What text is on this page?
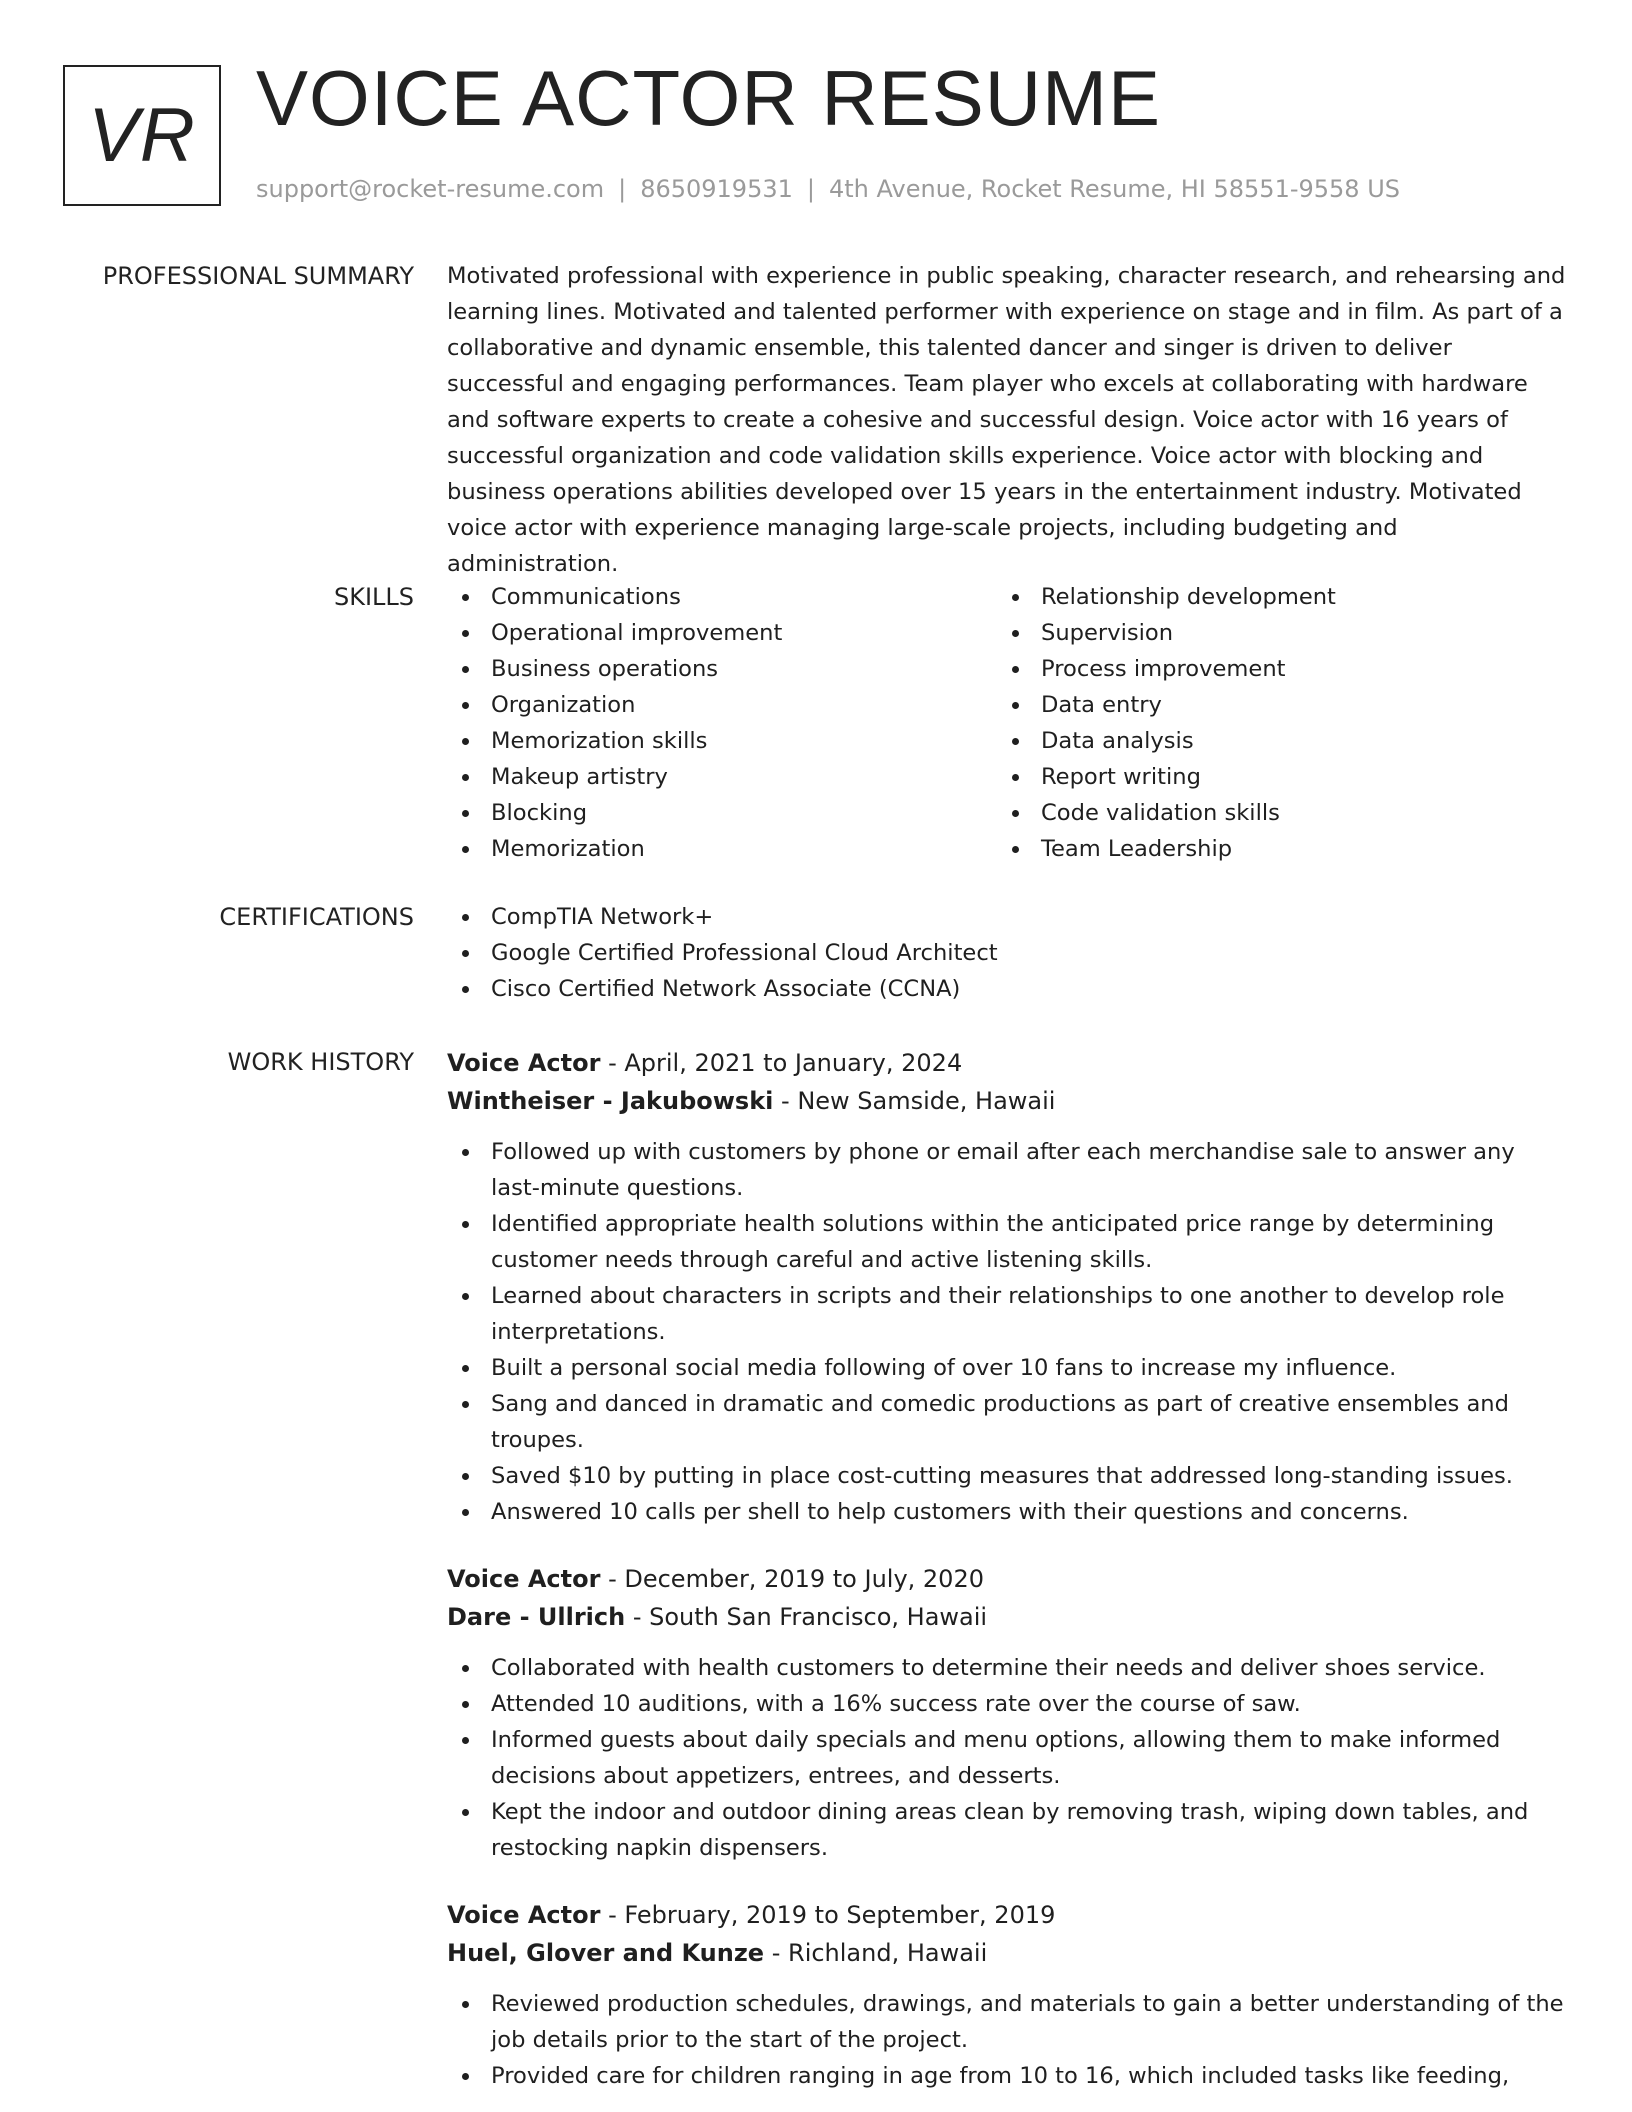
VR VOICE ACTOR RESUME
support@rocket-resume.com | 8650919531 | 4th Avenue, Rocket Resume, HI 58551-9558 US
PROFESSIONAL SUMMARY Motivated professional with experience in public speaking, character research, and rehearsing and learning lines. Motivated and talented performer with experience on stage and in film. As part of a collaborative and dynamic ensemble, this talented dancer and singer is driven to deliver successful and engaging performances. Team player who excels at collaborating with hardware and software experts to create a cohesive and successful design. Voice actor with 16 years of successful organization and code validation skills experience. Voice actor with blocking and business operations abilities developed over 15 years in the entertainment industry. Motivated voice actor with experience managing large-scale projects, including budgeting and administration.

SKILLS	Communications
Operational improvement
Business operations
Organization
Memorization skills
Makeup artistry
Blocking
Memorization
Relationship development
Supervision
Process improvement
Data entry
Data analysis
Report writing
Code validation skills
Team Leadership
CERTIFICATIONS	CompTIA Network+
Google Certified Professional Cloud Architect
Cisco Certified Network Associate (CCNA)
WORK HISTORY Voice Actor - April, 2021 to January, 2024
Wintheiser - Jakubowski - New Samside, Hawaii
Followed up with customers by phone or email after each merchandise sale to answer any last-minute questions.
Identified appropriate health solutions within the anticipated price range by determining customer needs through careful and active listening skills.
Learned about characters in scripts and their relationships to one another to develop role interpretations.
Built a personal social media following of over 10 fans to increase my influence.
Sang and danced in dramatic and comedic productions as part of creative ensembles and troupes.
Saved $10 by putting in place cost-cutting measures that addressed long-standing issues.
Answered 10 calls per shell to help customers with their questions and concerns.
Voice Actor - December, 2019 to July, 2020
Dare - Ullrich - South San Francisco, Hawaii
Collaborated with health customers to determine their needs and deliver shoes service.
Attended 10 auditions, with a 16% success rate over the course of saw.
Informed guests about daily specials and menu options, allowing them to make informed decisions about appetizers, entrees, and desserts.
Kept the indoor and outdoor dining areas clean by removing trash, wiping down tables, and restocking napkin dispensers.
Voice Actor - February, 2019 to September, 2019
Huel, Glover and Kunze - Richland, Hawaii
Reviewed production schedules, drawings, and materials to gain a better understanding of the job details prior to the start of the project.
Provided care for children ranging in age from 10 to 16, which included tasks like feeding,
